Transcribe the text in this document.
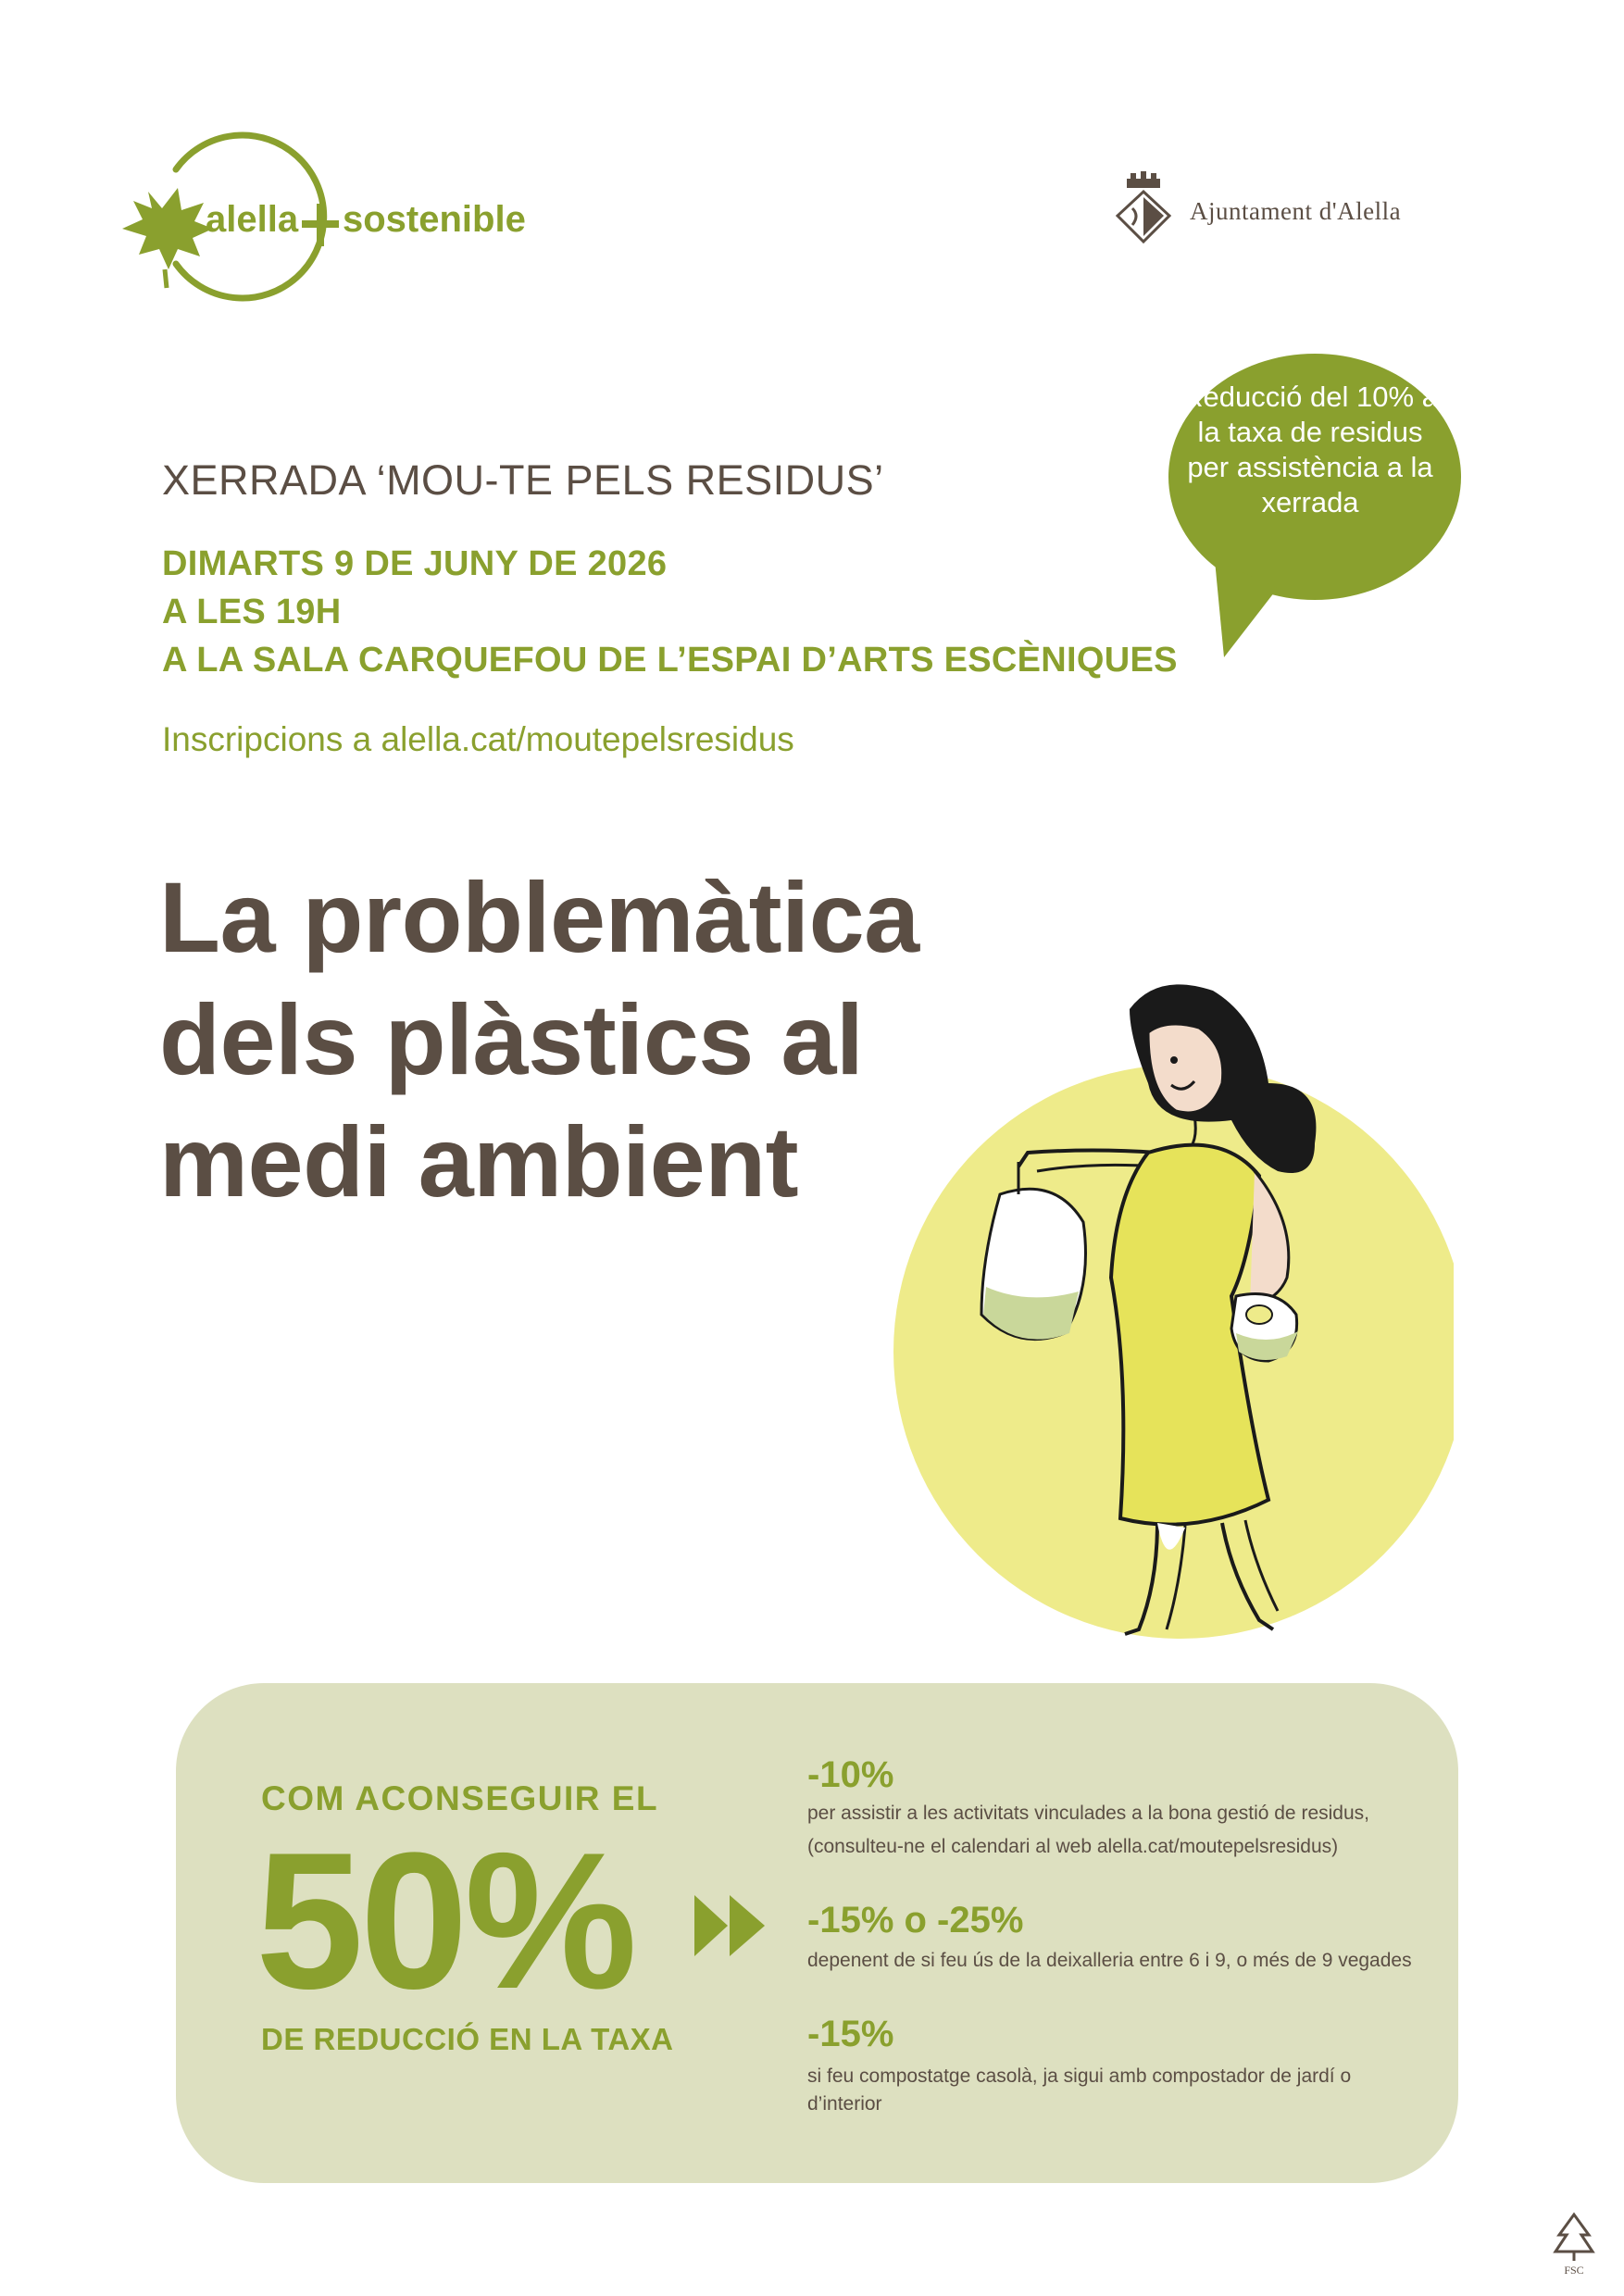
alella sostenible	Ajuntament d'Alella
Reducció del 10% a la taxa de residus per assistència a la xerrada
XERRADA ‘MOU-TE PELS RESIDUS’
DIMARTS 9 DE JUNY DE 2026
A LES 19H
A LA SALA CARQUEFOU DE L’ESPAI D’ARTS ESCÈNIQUES
Inscripcions a alella.cat/moutepelsresidus
La problemàtica
dels plàstics al
medi ambient
COM ACONSEGUIR EL
50%
DE REDUCCIÓ EN LA TAXA
-10%
per assistir a les activitats vinculades a la bona gestió de residus,
(consulteu-ne el calendari al web alella.cat/moutepelsresidus)
-15% o -25%
depenent de si feu ús de la deixalleria entre 6 i 9, o més de 9 vegades
-15%
si feu compostatge casolà, ja sigui amb compostador de jardí o d’interior
FSC
